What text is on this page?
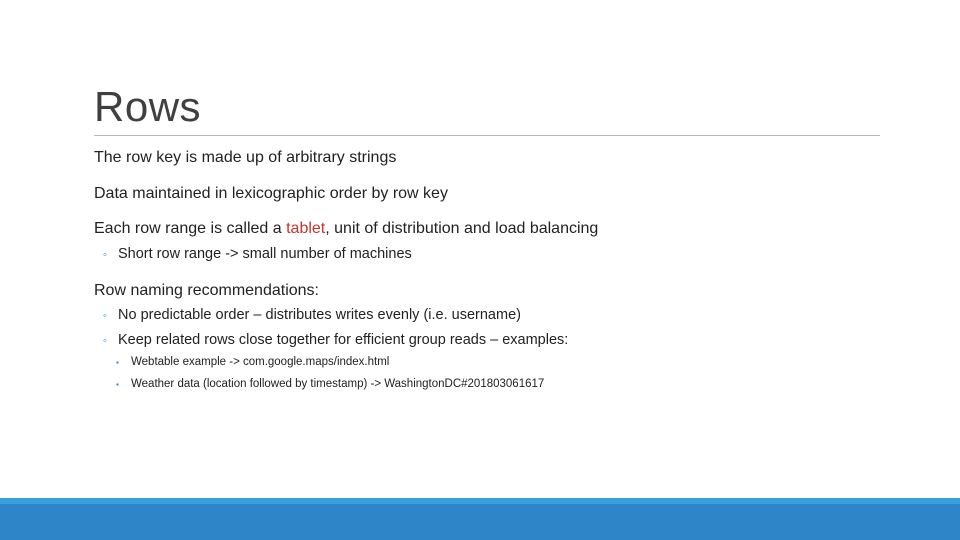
Rows
The row key is made up of arbitrary strings
Data maintained in lexicographic order by row key
Each row range is called a tablet, unit of distribution and load balancing
◦ Short row range -> small number of machines
Row naming recommendations:
◦ No predictable order – distributes writes evenly (i.e. username)
◦ Keep related rows close together for efficient group reads – examples:
▪ Webtable example -> com.google.maps/index.html
▪ Weather data (location followed by timestamp) -> WashingtonDC#201803061617
